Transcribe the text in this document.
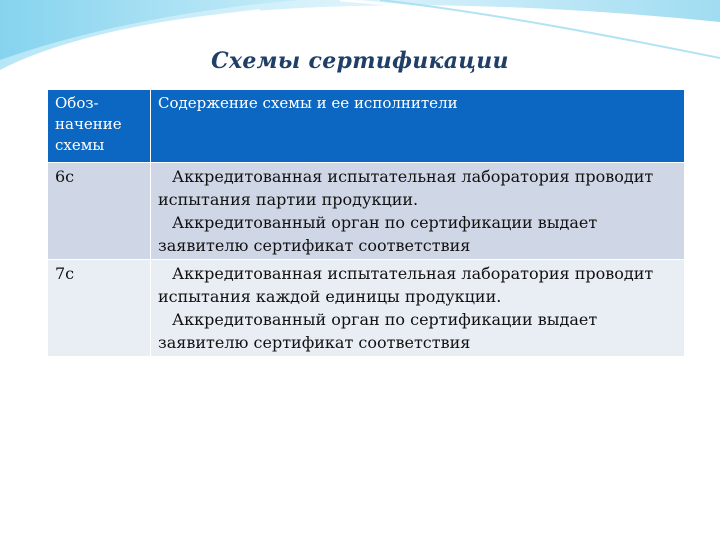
Схемы сертификации
Обоз-начение схемы	Содержение схемы и ее исполнители
6с	Аккредитованная испытательная лаборатория проводит испытания партии продукции.
Аккредитованный орган по сертификации выдает заявителю сертификат соответствия

7с	Аккредитованная испытательная лаборатория проводит испытания каждой единицы продукции.
Аккредитованный орган по сертификации выдает заявителю сертификат соответствия
